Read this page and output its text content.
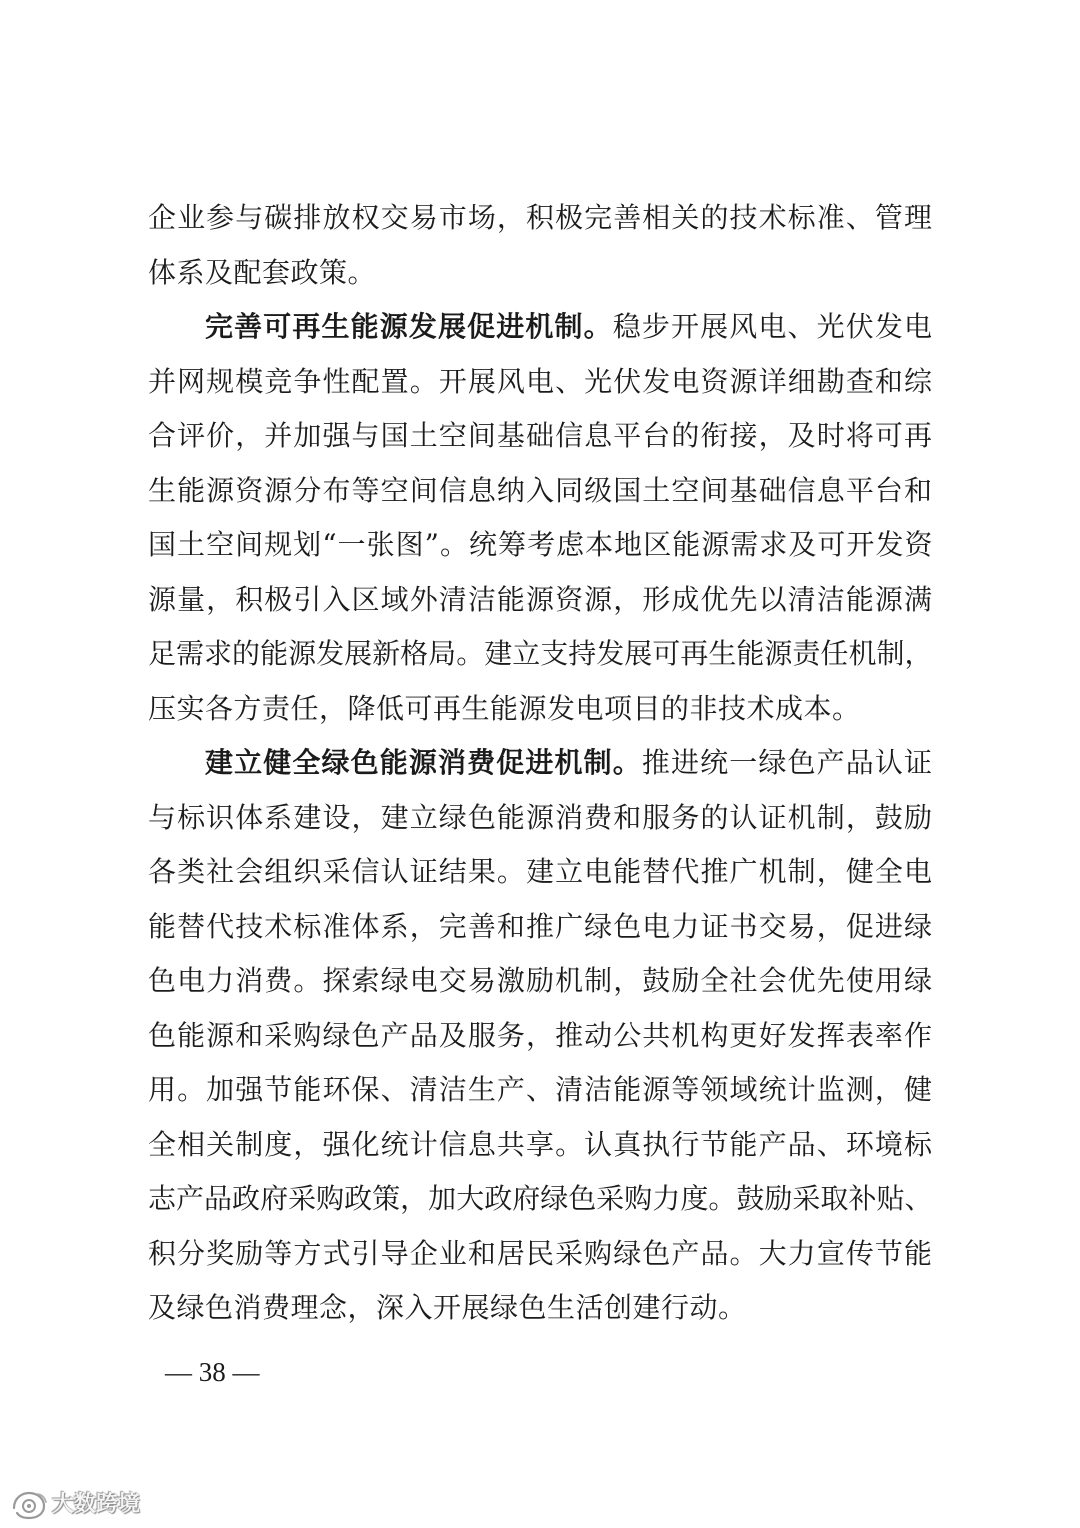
企业参与碳排放权交易市场，积极完善相关的技术标准、管理
体系及配套政策。
完善可再生能源发展促进机制。稳步开展风电、光伏发电
并网规模竞争性配置。开展风电、光伏发电资源详细勘查和综
合评价，并加强与国土空间基础信息平台的衔接，及时将可再
生能源资源分布等空间信息纳入同级国土空间基础信息平台和
国土空间规划“一张图”。统筹考虑本地区能源需求及可开发资
源量，积极引入区域外清洁能源资源，形成优先以清洁能源满
足需求的能源发展新格局。建立支持发展可再生能源责任机制，
压实各方责任，降低可再生能源发电项目的非技术成本。
建立健全绿色能源消费促进机制。推进统一绿色产品认证
与标识体系建设，建立绿色能源消费和服务的认证机制，鼓励
各类社会组织采信认证结果。建立电能替代推广机制，健全电
能替代技术标准体系，完善和推广绿色电力证书交易，促进绿
色电力消费。探索绿电交易激励机制，鼓励全社会优先使用绿
色能源和采购绿色产品及服务，推动公共机构更好发挥表率作
用。加强节能环保、清洁生产、清洁能源等领域统计监测，健
全相关制度，强化统计信息共享。认真执行节能产品、环境标
志产品政府采购政策，加大政府绿色采购力度。鼓励采取补贴、
积分奖励等方式引导企业和居民采购绿色产品。大力宣传节能
及绿色消费理念，深入开展绿色生活创建行动。
— 38 —
大数跨境
